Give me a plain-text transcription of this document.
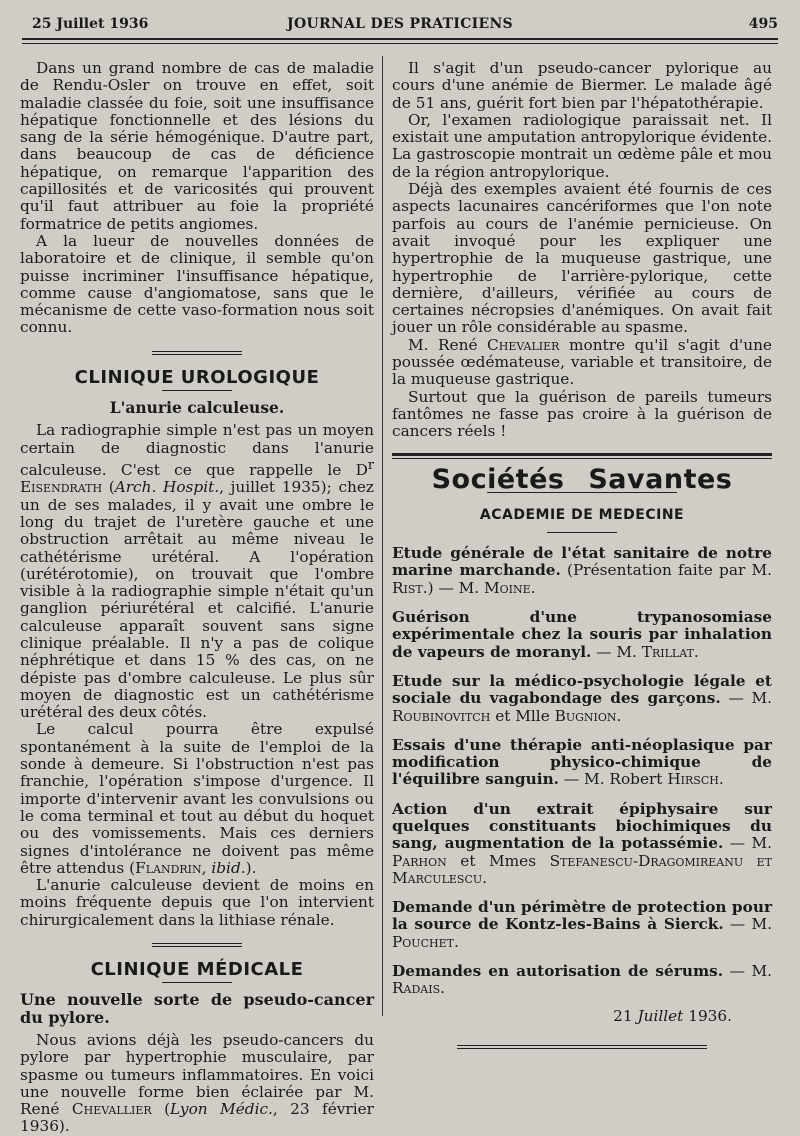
25 Juillet 1936	JOURNAL DES PRATICIENS	495

Dans un grand nombre de cas de maladie de Rendu-Osler on trouve en effet, soit maladie classée du foie, soit une insuffisance hépatique fonctionnelle et des lésions du sang de la série hémogénique. D'autre part, dans beaucoup de cas de déficience hépatique, on remarque l'apparition des capillosités et de varicosités qui prouvent qu'il faut attribuer au foie la propriété formatrice de petits angiomes.

A la lueur de nouvelles données de laboratoire et de clinique, il semble qu'on puisse incriminer l'insuffisance hépatique, comme cause d'angiomatose, sans que le mécanisme de cette vaso-formation nous soit connu.

CLINIQUE UROLOGIQUE
L'anurie calculeuse.

La radiographie simple n'est pas un moyen certain de diagnostic dans l'anurie calculeuse. C'est ce que rappelle le $D^r$ Eisendrath (Arch. Hospit., juillet 1935); chez un de ses malades, il y avait une ombre le long du trajet de l'uretère gauche et une obstruction arrêtait au même niveau le cathétérisme urétéral. A l'opération (urétérotomie), on trouvait que l'ombre visible à la radiographie simple n'était qu'un ganglion périurétéral et calcifié. L'anurie calculeuse apparaît souvent sans signe clinique préalable. Il n'y a pas de colique néphrétique et dans 15 % des cas, on ne dépiste pas d'ombre calculeuse. Le plus sûr moyen de diagnostic est un cathétérisme urétéral des deux côtés.

Le calcul pourra être expulsé spontanément à la suite de l'emploi de la sonde à demeure. Si l'obstruction n'est pas franchie, l'opération s'impose d'urgence. Il importe d'intervenir avant les convulsions ou le coma terminal et tout au début du hoquet ou des vomissements. Mais ces derniers signes d'intolérance ne doivent pas même être attendus (Flandrin, ibid.).

L'anurie calculeuse devient de moins en moins fréquente depuis que l'on intervient chirurgicalement dans la lithiase rénale.

CLINIQUE MÉDICALE
Une nouvelle sorte de pseudo-cancer du pylore.

Nous avions déjà les pseudo-cancers du pylore par hypertrophie musculaire, par spasme ou tumeurs inflammatoires. En voici une nouvelle forme bien éclairée par M. René Chevallier (Lyon Médic., 23 février 1936).

Il s'agit d'un pseudo-cancer pylorique au cours d'une anémie de Biermer. Le malade âgé de 51 ans, guérit fort bien par l'hépatothérapie.

Or, l'examen radiologique paraissait net. Il existait une amputation antropylorique évidente. La gastroscopie montrait un œdème pâle et mou de la région antropylorique.

Déjà des exemples avaient été fournis de ces aspects lacunaires cancériformes que l'on note parfois au cours de l'anémie pernicieuse. On avait invoqué pour les expliquer une hypertrophie de la muqueuse gastrique, une hypertrophie de l'arrière-pylorique, cette dernière, d'ailleurs, vérifiée au cours de certaines nécropsies d'anémiques. On avait fait jouer un rôle considérable au spasme.

M. René Chevalier montre qu'il s'agit d'une poussée œdémateuse, variable et transitoire, de la muqueuse gastrique.

Surtout que la guérison de pareils tumeurs fantômes ne fasse pas croire à la guérison de cancers réels !

Sociétés Savantes
ACADEMIE DE MEDECINE

Etude générale de l'état sanitaire de notre marine marchande. (Présentation faite par M. Rist.) — M. Moine.

Guérison d'une trypanosomiase expérimentale chez la souris par inhalation de vapeurs de moranyl. — M. Trillat.

Etude sur la médico-psychologie légale et sociale du vagabondage des garçons. — M. Roubinovitch et Mlle Bugnion.

Essais d'une thérapie anti-néoplasique par modification physico-chimique de l'équilibre sanguin. — M. Robert Hirsch.

Action d'un extrait épiphysaire sur quelques constituants biochimiques du sang, augmentation de la potassémie. — M. Parhon et Mmes Stefanescu-Dragomireanu et Marculescu.

Demande d'un périmètre de protection pour la source de Kontz-les-Bains à Sierck. — M. Pouchet.

Demandes en autorisation de sérums. — M. Radais.

21 Juillet 1936.
